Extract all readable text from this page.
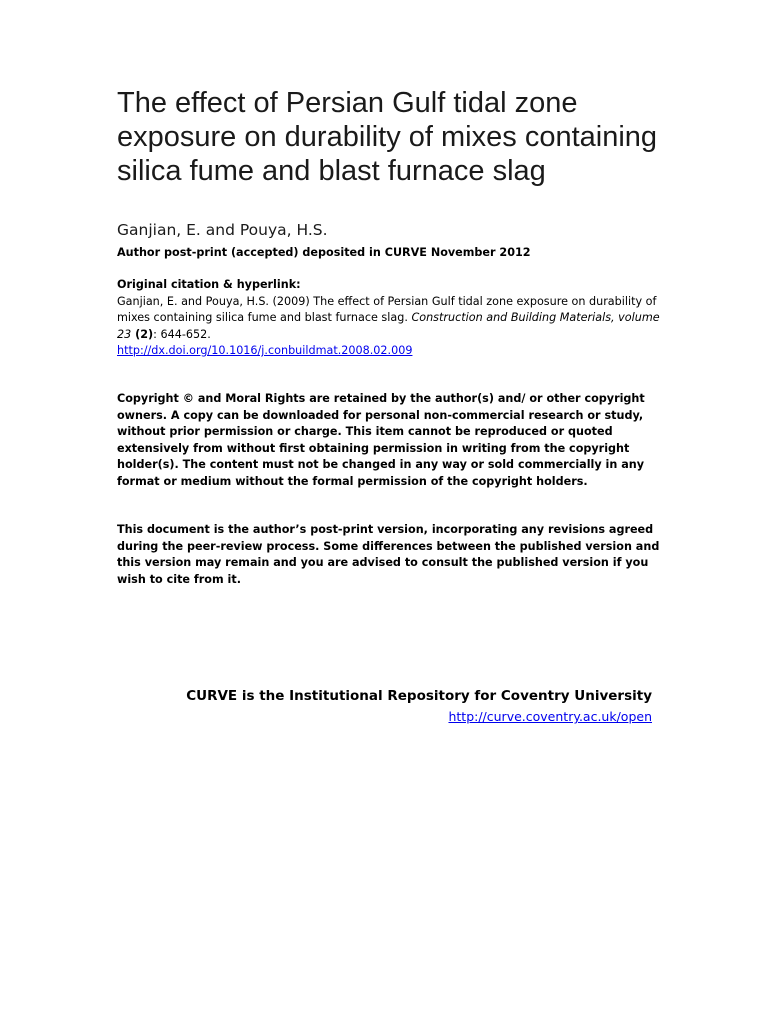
The effect of Persian Gulf tidal zone exposure on durability of mixes containing silica fume and blast furnace slag
Ganjian, E. and Pouya, H.S.
Author post-print (accepted) deposited in CURVE November 2012
Original citation & hyperlink:
Ganjian, E. and Pouya, H.S. (2009) The effect of Persian Gulf tidal zone exposure on durability of mixes containing silica fume and blast furnace slag. Construction and Building Materials, volume 23 (2): 644-652.
http://dx.doi.org/10.1016/j.conbuildmat.2008.02.009

Copyright © and Moral Rights are retained by the author(s) and/ or other copyright owners. A copy can be downloaded for personal non-commercial research or study, without prior permission or charge. This item cannot be reproduced or quoted extensively from without first obtaining permission in writing from the copyright holder(s). The content must not be changed in any way or sold commercially in any format or medium without the formal permission of the copyright holders.

This document is the author’s post-print version, incorporating any revisions agreed during the peer-review process. Some differences between the published version and this version may remain and you are advised to consult the published version if you wish to cite from it.

CURVE is the Institutional Repository for Coventry University
http://curve.coventry.ac.uk/open
